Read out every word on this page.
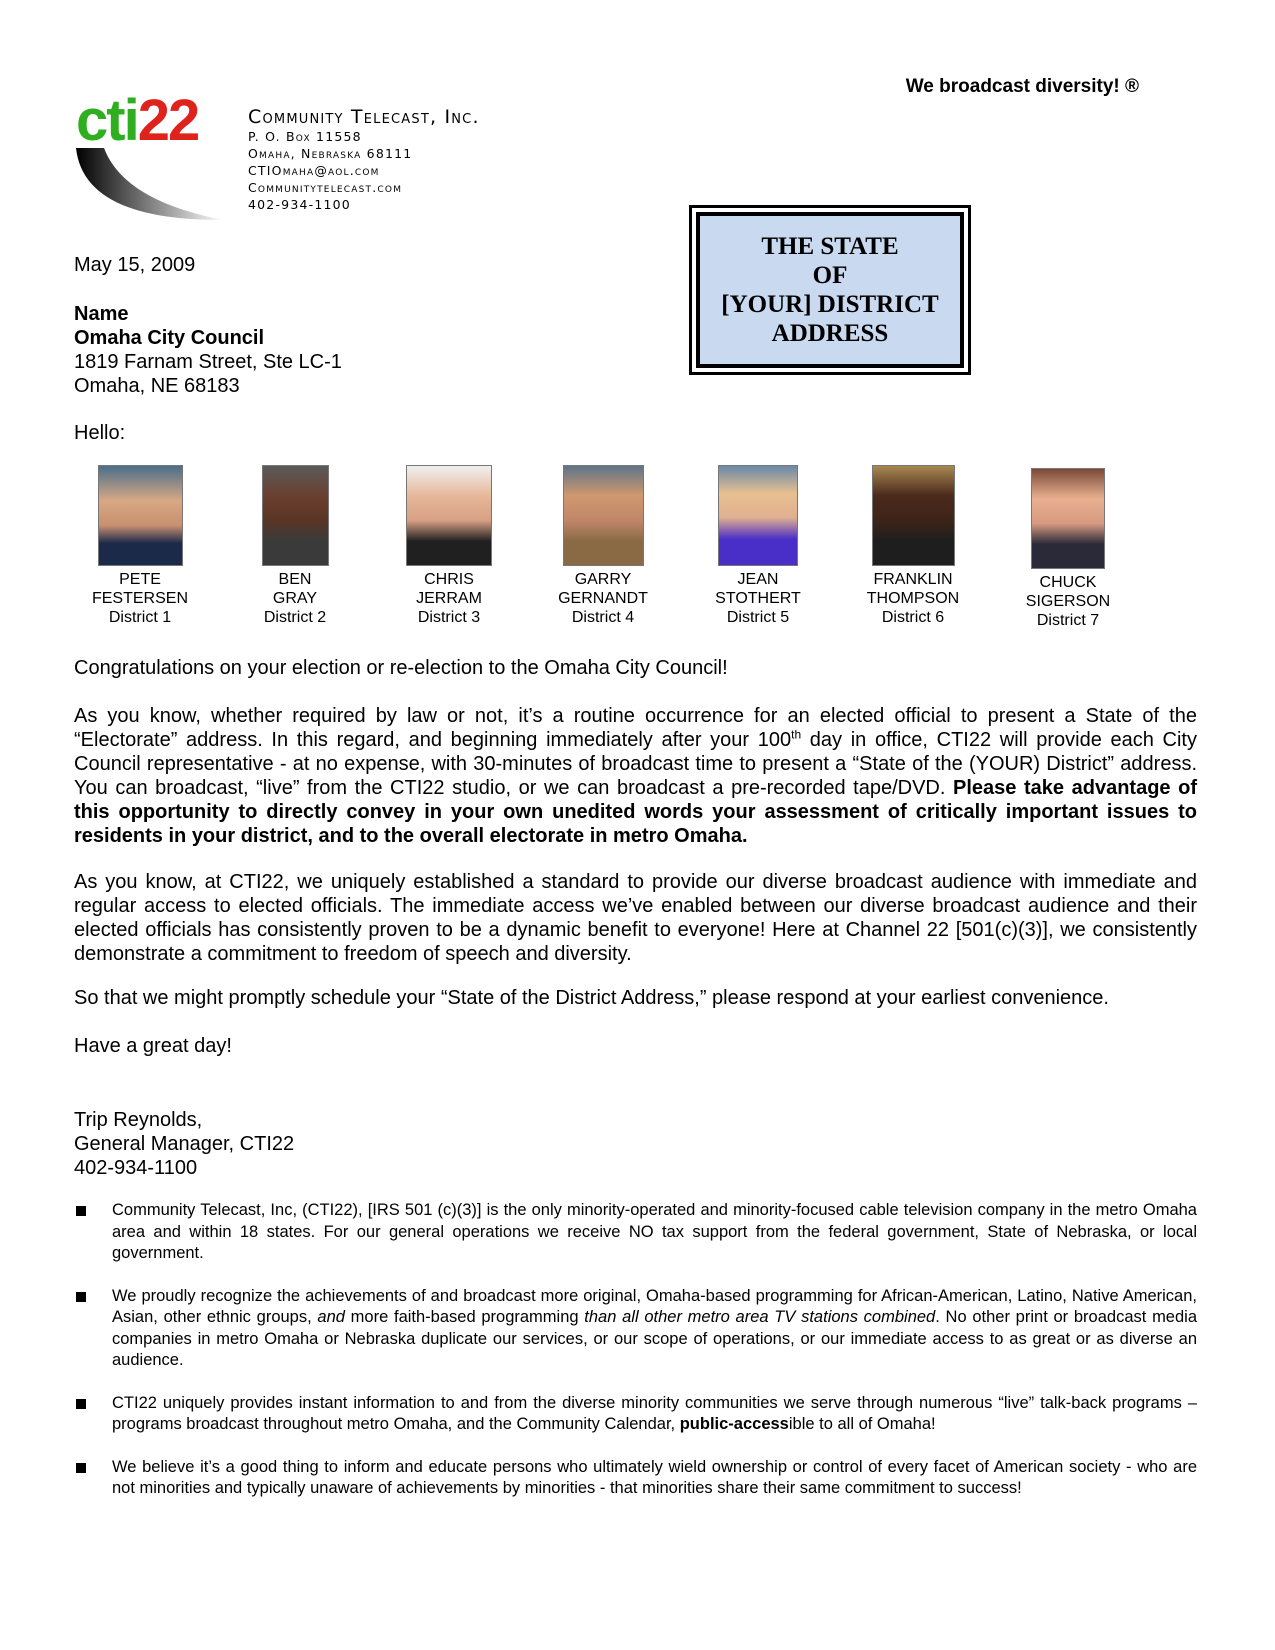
We broadcast diversity! ®
cti22	Community Telecast, Inc.
P. O. Box 11558
Omaha, Nebraska 68111
CTIOmaha@aol.com
Communitytelecast.com
402-934-1100
THE STATE
OF
[YOUR] DISTRICT
ADDRESS
May 15, 2009
Name
Omaha City Council
1819 Farnam Street, Ste LC-1
Omaha, NE 68183
Hello:
PETE
FESTERSEN
District 1
BEN
GRAY
District 2
CHRIS
JERRAM
District 3
GARRY
GERNANDT
District 4
JEAN
STOTHERT
District 5
FRANKLIN
THOMPSON
District 6
CHUCK
SIGERSON
District 7
Congratulations on your election or re-election to the Omaha City Council!
As you know, whether required by law or not, it’s a routine occurrence for an elected official to present a State of the “Electorate” address. In this regard, and beginning immediately after your 100th day in office, CTI22 will provide each City Council representative - at no expense, with 30-minutes of broadcast time to present a “State of the (YOUR) District” address. You can broadcast, “live” from the CTI22 studio, or we can broadcast a pre-recorded tape/DVD. Please take advantage of this opportunity to directly convey in your own unedited words your assessment of critically important issues to residents in your district, and to the overall electorate in metro Omaha.
As you know, at CTI22, we uniquely established a standard to provide our diverse broadcast audience with immediate and regular access to elected officials. The immediate access we’ve enabled between our diverse broadcast audience and their elected officials has consistently proven to be a dynamic benefit to everyone! Here at Channel 22 [501(c)(3)], we consistently demonstrate a commitment to freedom of speech and diversity.
So that we might promptly schedule your “State of the District Address,” please respond at your earliest convenience.
Have a great day!
Trip Reynolds,
General Manager, CTI22
402-934-1100
Community Telecast, Inc, (CTI22), [IRS 501 (c)(3)] is the only minority-operated and minority-focused cable television company in the metro Omaha area and within 18 states. For our general operations we receive NO tax support from the federal government, State of Nebraska, or local government.
We proudly recognize the achievements of and broadcast more original, Omaha-based programming for African-American, Latino, Native American, Asian, other ethnic groups, and more faith-based programming than all other metro area TV stations combined. No other print or broadcast media companies in metro Omaha or Nebraska duplicate our services, or our scope of operations, or our immediate access to as great or as diverse an audience.
CTI22 uniquely provides instant information to and from the diverse minority communities we serve through numerous “live” talk-back programs – programs broadcast throughout metro Omaha, and the Community Calendar, public-accessible to all of Omaha!
We believe it’s a good thing to inform and educate persons who ultimately wield ownership or control of every facet of American society - who are not minorities and typically unaware of achievements by minorities - that minorities share their same commitment to success!
